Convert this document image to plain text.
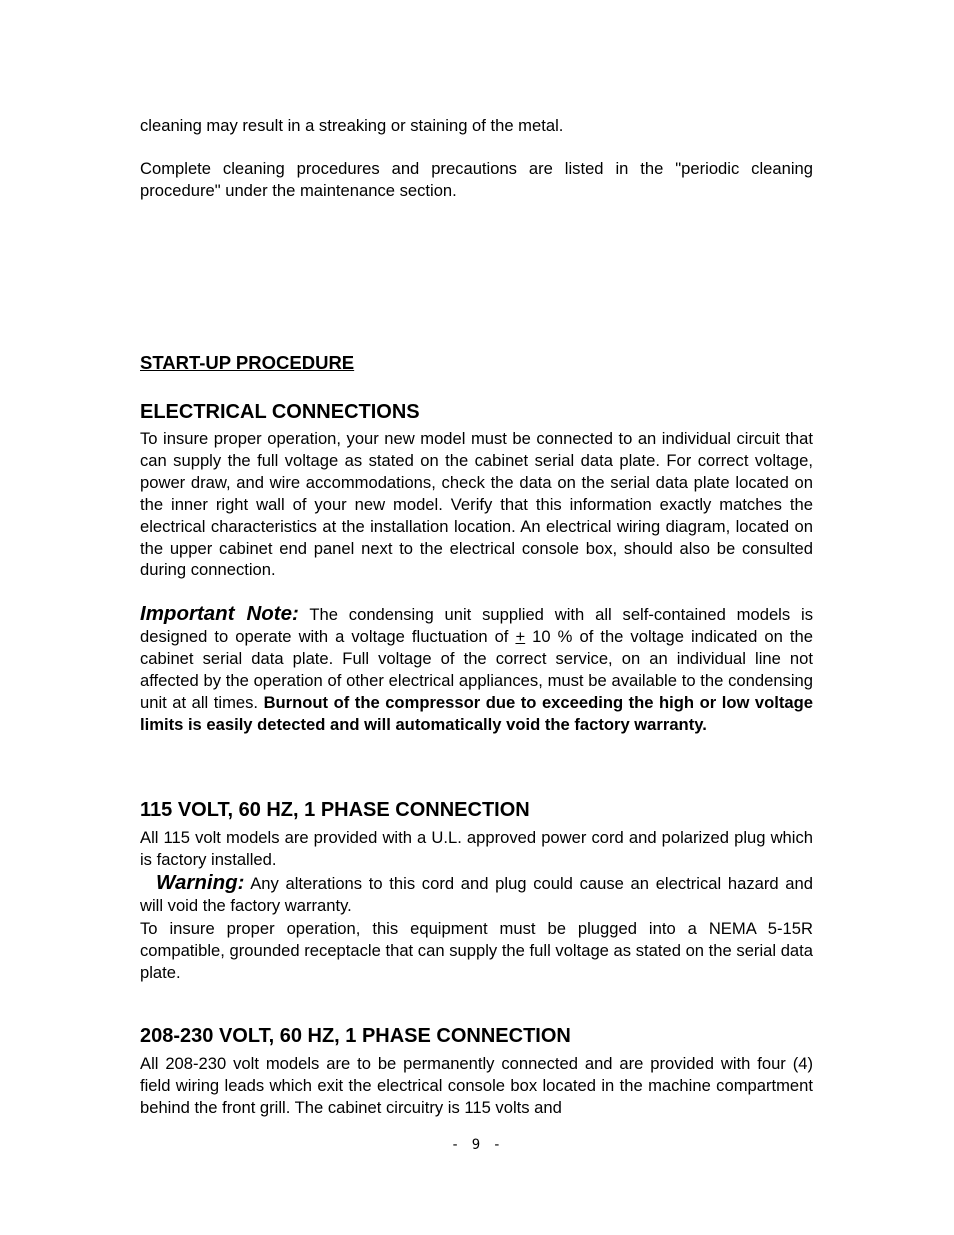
cleaning may result in a streaking or staining of the metal.

Complete cleaning procedures and precautions are listed in the "periodic cleaning procedure" under the maintenance section.

START-UP PROCEDURE
ELECTRICAL CONNECTIONS

To insure proper operation, your new model must be connected to an individual circuit that can supply the full voltage as stated on the cabinet serial data plate. For correct voltage, power draw, and wire accommodations, check the data on the serial data plate located on the inner right wall of your new model. Verify that this information exactly matches the electrical characteristics at the installation location. An electrical wiring diagram, located on the upper cabinet end panel next to the electrical console box, should also be consulted during connection.

Important Note: The condensing unit supplied with all self-contained models is designed to operate with a voltage fluctuation of + 10 % of the voltage indicated on the cabinet serial data plate. Full voltage of the correct service, on an individual line not affected by the operation of other electrical appliances, must be available to the condensing unit at all times. Burnout of the compressor due to exceeding the high or low voltage limits is easily detected and will automatically void the factory warranty.

115 VOLT, 60 HZ, 1 PHASE CONNECTION

All 115 volt models are provided with a U.L. approved power cord and polarized plug which is factory installed.

Warning: Any alterations to this cord and plug could cause an electrical hazard and will void the factory warranty.

To insure proper operation, this equipment must be plugged into a NEMA 5-15R compatible, grounded receptacle that can supply the full voltage as stated on the serial data plate.

208-230 VOLT, 60 HZ, 1 PHASE CONNECTION

All 208-230 volt models are to be permanently connected and are provided with four (4) field wiring leads which exit the electrical console box located in the machine compartment behind the front grill. The cabinet circuitry is 115 volts and

- 9 -
